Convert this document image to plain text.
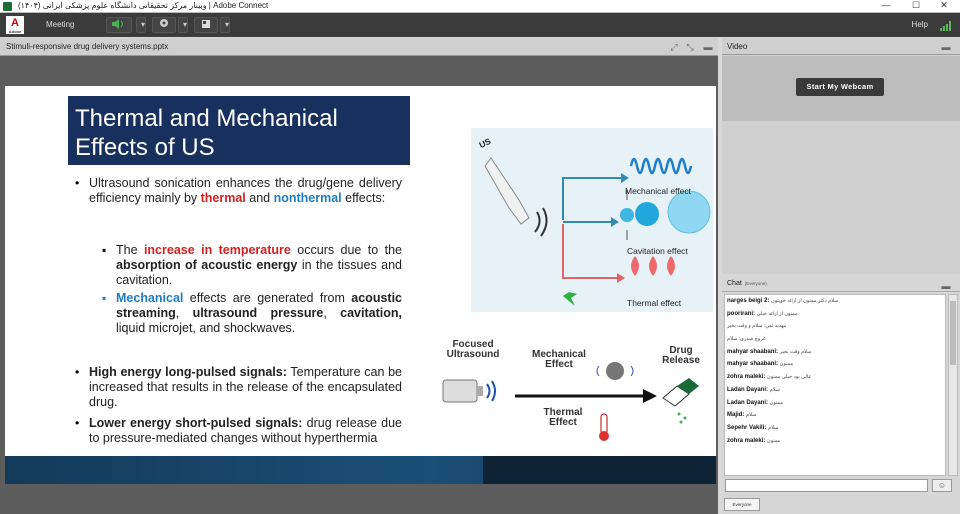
وبینار مرکز تحقیقاتی دانشگاه علوم پزشکی ایرانی (۱۴۰۴) | Adobe Connect	—	☐	✕
A
Adobe
Meeting	▾	▾	▾	Help
Stimuli-responsive drug delivery systems.pptx	⤢ ⤡ ▬
Thermal and Mechanical
Effects of US
• Ultrasound sonication enhances the drug/gene delivery efficiency mainly by thermal and nonthermal effects:
▪ The increase in temperature occurs due to the absorption of acoustic energy in the tissues and cavitation.
▪ Mechanical effects are generated from acoustic streaming, ultrasound pressure, cavitation, liquid microjet, and shockwaves.
• High energy long-pulsed signals: Temperature can be increased that results in the release of the encapsulated drug.
• Lower energy short-pulsed signals: drug release due to pressure-mediated changes without hyperthermia
US
Mechanical effect
Cavitation effect
Thermal effect
Focused
Ultrasound	Mechanical
Effect
Thermal
Effect
Drug
Release
Video	▬
Start My Webcam
Chat (Everyone)	▬
narges beigi 2: سلام دکتر ممنون از ارائه خوبتون
poorirani: ممنون از ارائه خیلی
مهدیه ثمن: سلام و وقت بخیر
عروج صدری: سلام
mahyar shaabani: سلام وقت بخیر
mahyar shaabani: ممنون
zohra maleki: عالی بود خیلی ممنون
Ladan Dayani: سلام
Ladan Dayani: ممنون
Majid: سلام
Sepehr Vakili: سلام
zohra maleki: ممنون
☺
Everyone
